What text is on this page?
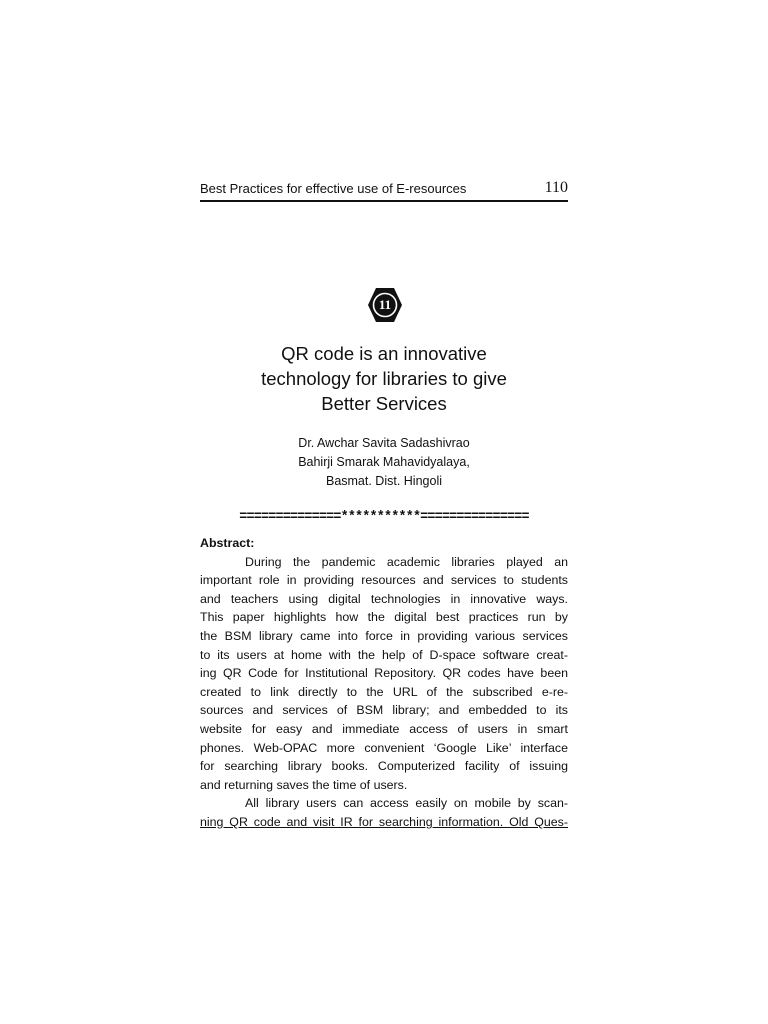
Best Practices for effective use of E-resources	110
11
QR code is an innovative
technology for libraries to give
Better Services
Dr. Awchar Savita Sadashivrao
Bahirji Smarak Mahavidyalaya,
Basmat. Dist. Hingoli
==============***********===============
Abstract:
During the pandemic academic libraries played an
important role in providing resources and services to students
and teachers using digital technologies in innovative ways.
This paper highlights how the digital best practices run by
the BSM library came into force in providing various services
to its users at home with the help of D-space software creat-
ing QR Code for Institutional Repository. QR codes have been
created to link directly to the URL of the subscribed e-re-
sources and services of BSM library; and embedded to its
website for easy and immediate access of users in smart
phones. Web-OPAC more convenient ‘Google Like’ interface
for searching library books. Computerized facility of issuing
and returning saves the time of users.
All library users can access easily on mobile by scan-
ning QR code and visit IR for searching information. Old Ques-
